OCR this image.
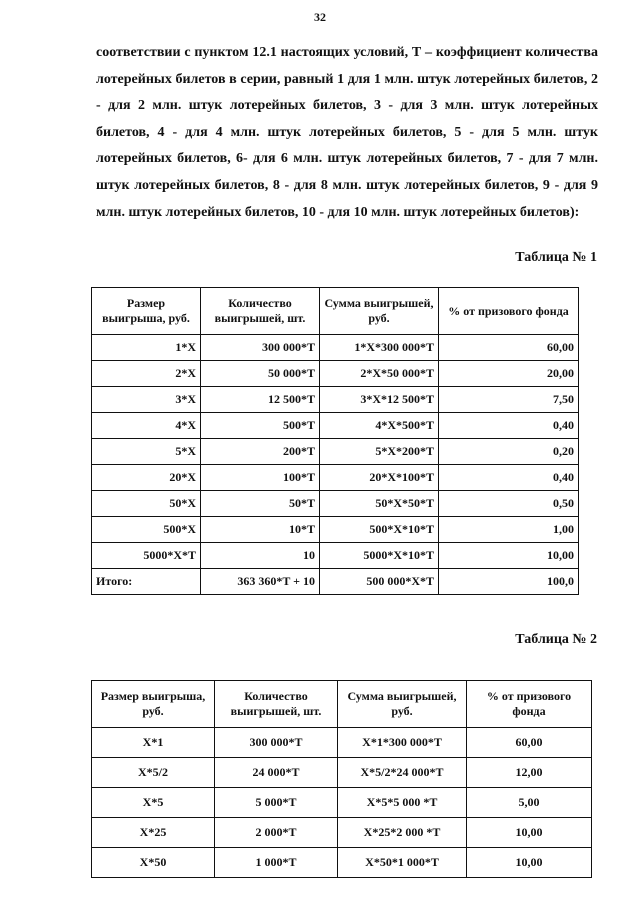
32
соответствии с пунктом 12.1 настоящих условий, Т – коэффициент количества лотерейных билетов в серии, равный 1 для 1 млн. штук лотерейных билетов, 2 - для 2 млн. штук лотерейных билетов, 3 - для 3 млн. штук лотерейных билетов, 4 - для 4 млн. штук лотерейных билетов, 5 - для 5 млн. штук лотерейных билетов, 6- для 6 млн. штук лотерейных билетов, 7 - для 7 млн. штук лотерейных билетов, 8 - для 8 млн. штук лотерейных билетов, 9 - для 9 млн. штук лотерейных билетов, 10 - для 10 млн. штук лотерейных билетов):
Таблица № 1
Размер выигрыша, руб.	Количество выигрышей, шт.	Сумма выигрышей, руб.	% от призового фонда
1*X	300 000*T	1*X*300 000*T	60,00
2*X	50 000*T	2*X*50 000*T	20,00
3*X	12 500*T	3*X*12 500*T	7,50
4*X	500*T	4*X*500*T	0,40
5*X	200*T	5*X*200*T	0,20
20*X	100*T	20*X*100*T	0,40
50*X	50*T	50*X*50*T	0,50
500*X	10*T	500*X*10*T	1,00
5000*X*T	10	5000*X*10*T	10,00
Итого:	363 360*T + 10	500 000*X*T	100,0
Таблица № 2
Размер выигрыша, руб.	Количество выигрышей, шт.	Сумма выигрышей, руб.	% от призового фонда
X*1	300 000*T	X*1*300 000*T	60,00
X*5/2	24 000*T	X*5/2*24 000*T	12,00
X*5	5 000*T	X*5*5 000 *T	5,00
X*25	2 000*T	X*25*2 000 *T	10,00
X*50	1 000*T	X*50*1 000*T	10,00
